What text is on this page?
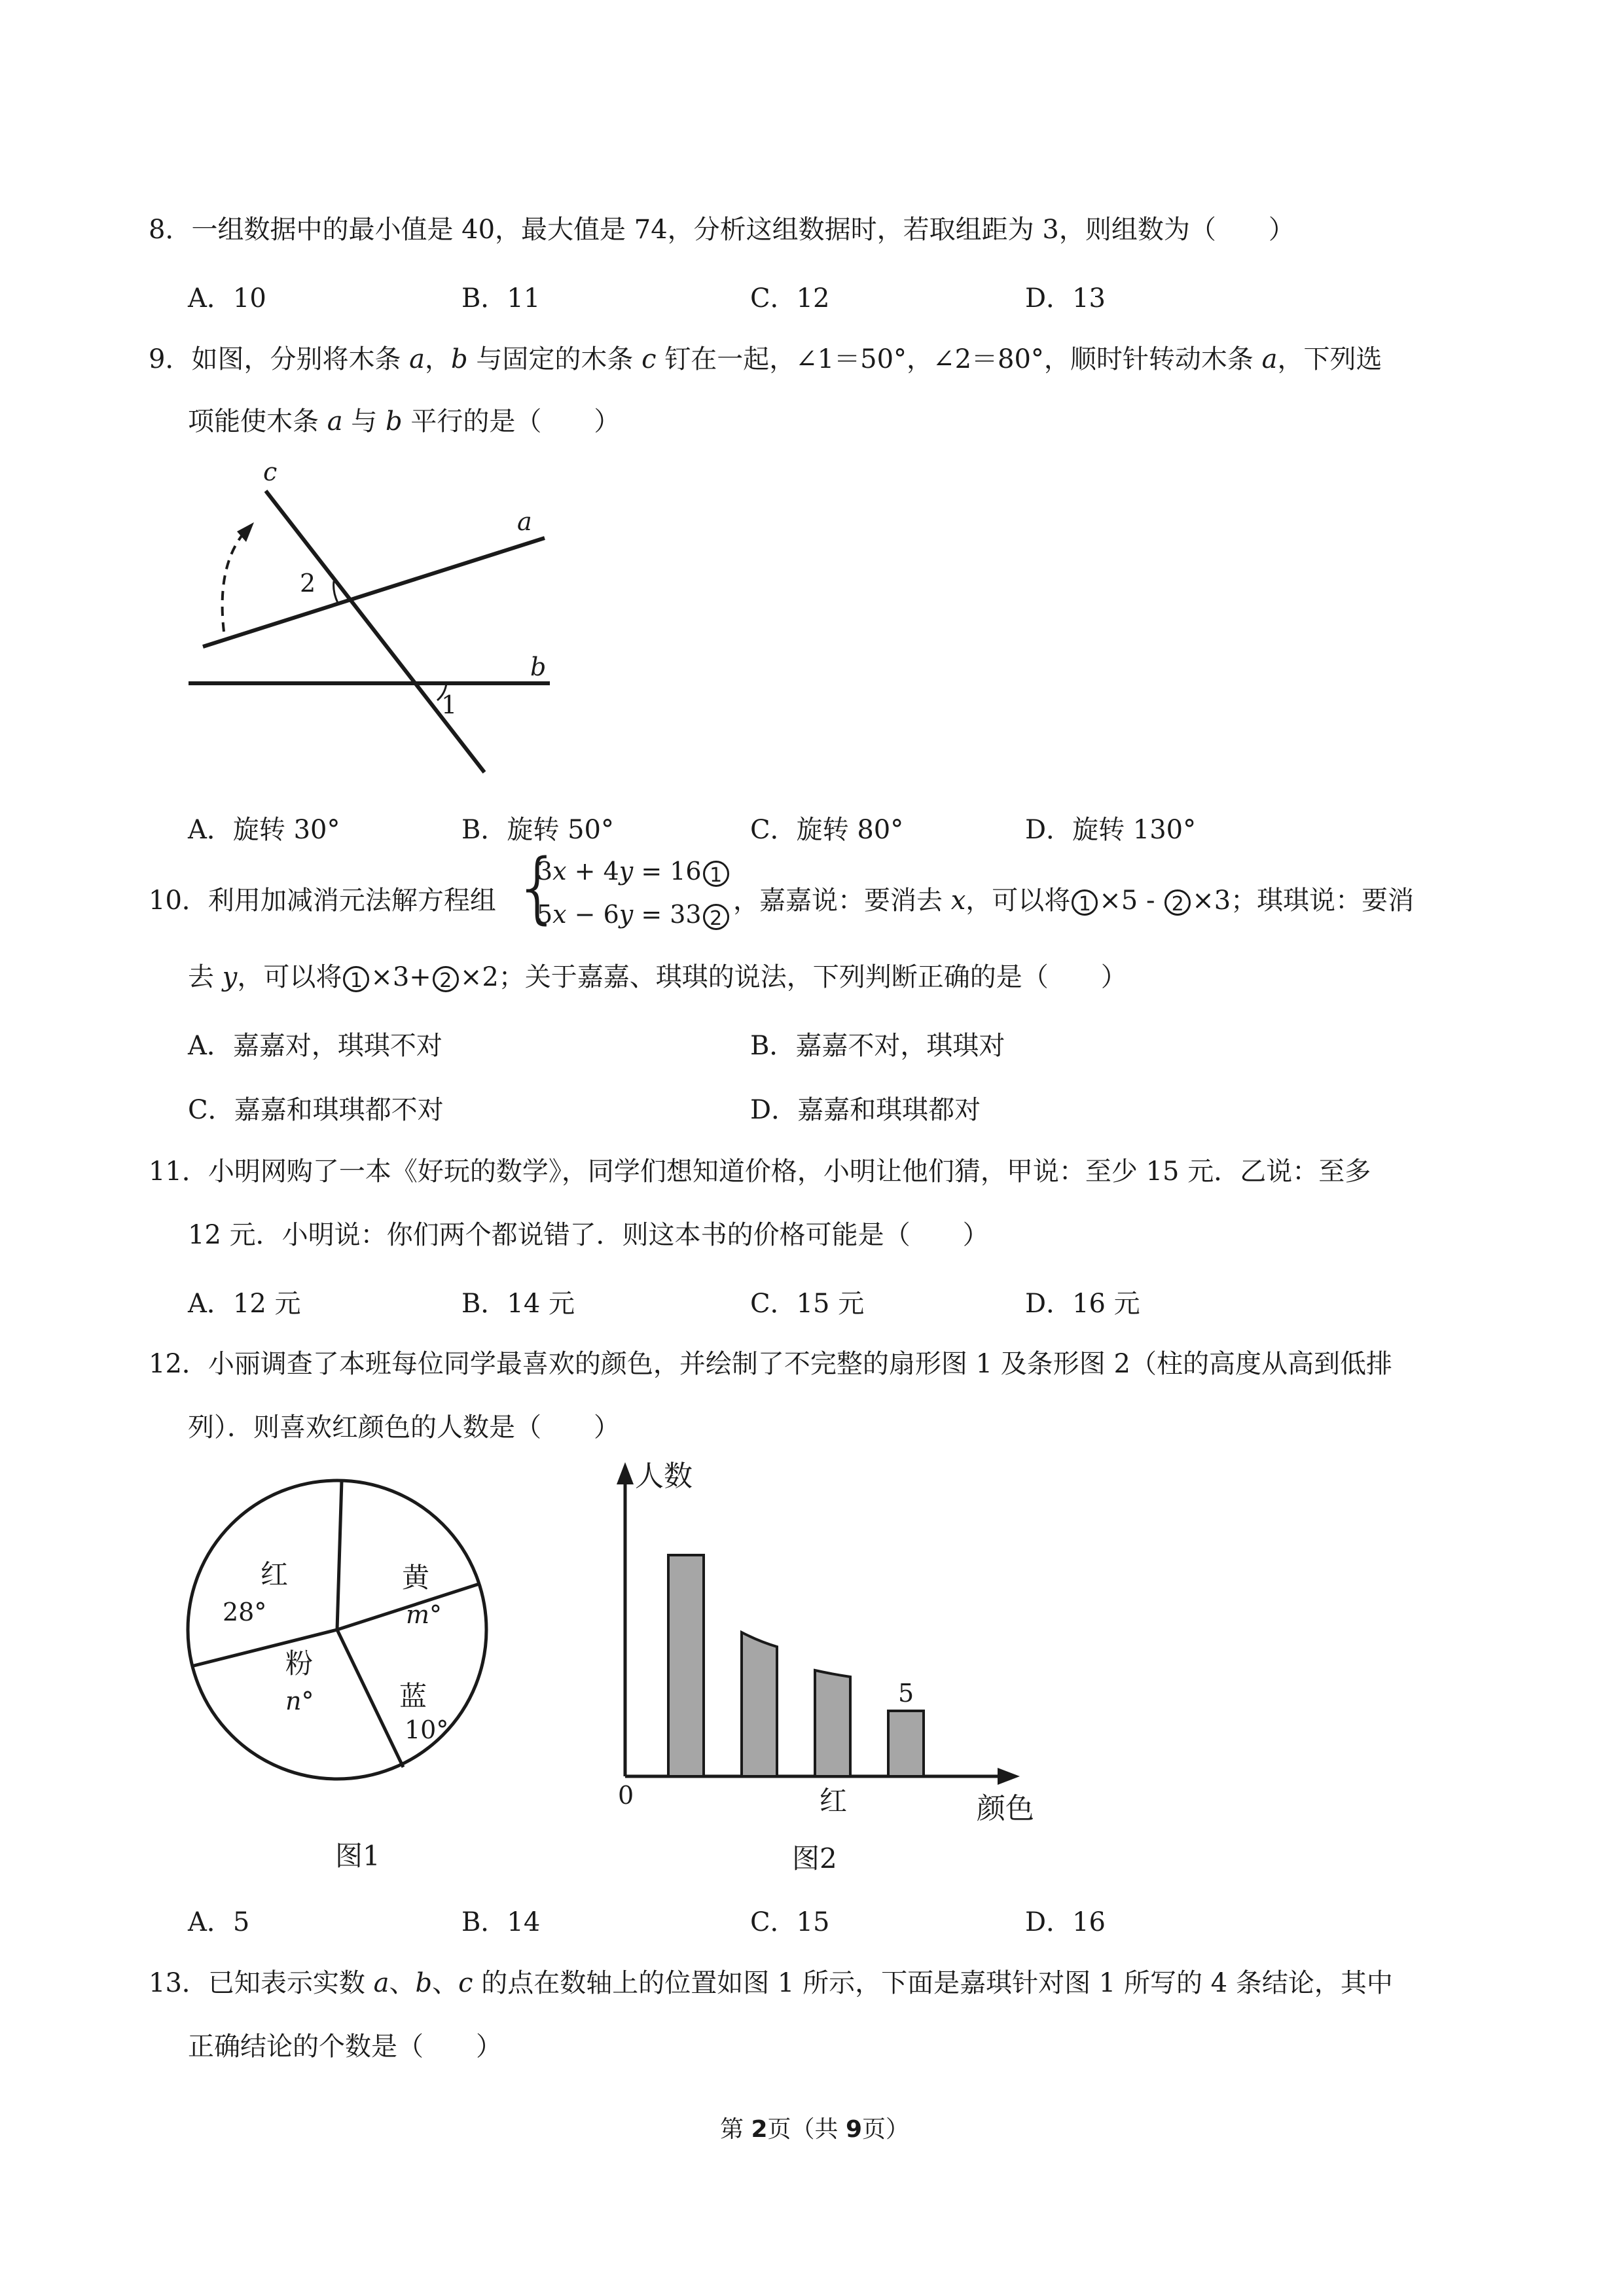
8．一组数据中的最小值是 40，最大值是 74，分析这组数据时，若取组距为 3，则组数为（　　）
A．10	B．11	C．12	D．13
9．如图，分别将木条 a，b 与固定的木条 c 钉在一起，∠1＝50°，∠2＝80°，顺时针转动木条 a，下列选
项能使木条 a 与 b 平行的是（　　）
c
a
b
2
1
A．旋转 30°	B．旋转 50°	C．旋转 80°	D．旋转 130°
10．利用加减消元法解方程组 {
3𝑥 + 4𝑦 = 16 1
5𝑥 − 6𝑦 = 33 2
，嘉嘉说：要消去 x，可以将 1 ×5 - 2 ×3；琪琪说：要消
去 y，可以将 1 ×3+ 2 ×2；关于嘉嘉、琪琪的说法，下列判断正确的是（　　）
A．嘉嘉对，琪琪不对	B．嘉嘉不对，琪琪对
C．嘉嘉和琪琪都不对	D．嘉嘉和琪琪都对
11．小明网购了一本《好玩的数学》，同学们想知道价格，小明让他们猜，甲说：至少 15 元．乙说：至多
12 元．小明说：你们两个都说错了．则这本书的价格可能是（　　）
A．12 元	B．14 元	C．15 元	D．16 元
12．小丽调查了本班每位同学最喜欢的颜色，并绘制了不完整的扇形图 1 及条形图 2（柱的高度从高到低排
列）．则喜欢红颜色的人数是（　　）
红
28°
黄
m°
粉
n°	蓝
10°
图1
人数
颜色
0
5
红
图2
A．5	B．14	C．15	D．16
13．已知表示实数 a、b、c 的点在数轴上的位置如图 1 所示，下面是嘉琪针对图 1 所写的 4 条结论，其中
正确结论的个数是（　　）
第 2页（共 9页）
